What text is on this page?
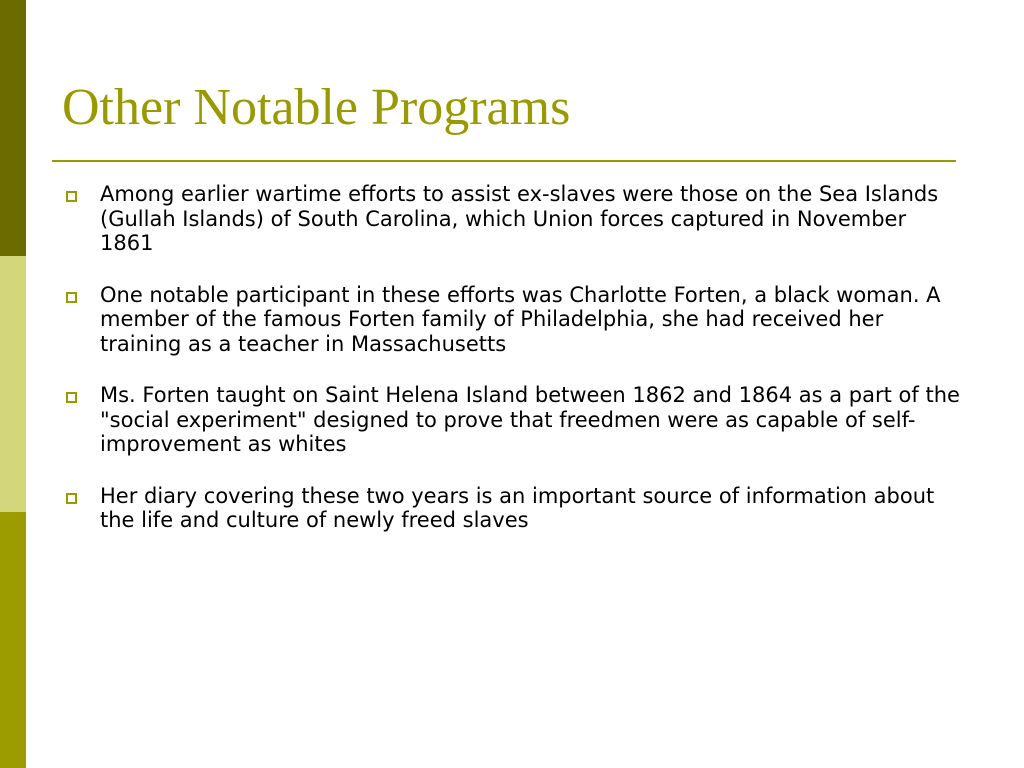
Other Notable Programs
Among earlier wartime efforts to assist ex-slaves were those on the Sea Islands (Gullah Islands) of South Carolina, which Union forces captured in November 1861
One notable participant in these efforts was Charlotte Forten, a black woman. A member of the famous Forten family of Philadelphia, she had received her training as a teacher in Massachusetts
Ms. Forten taught on Saint Helena Island between 1862 and 1864 as a part of the "social experiment" designed to prove that freedmen were as capable of self-improvement as whites
Her diary covering these two years is an important source of information about the life and culture of newly freed slaves
